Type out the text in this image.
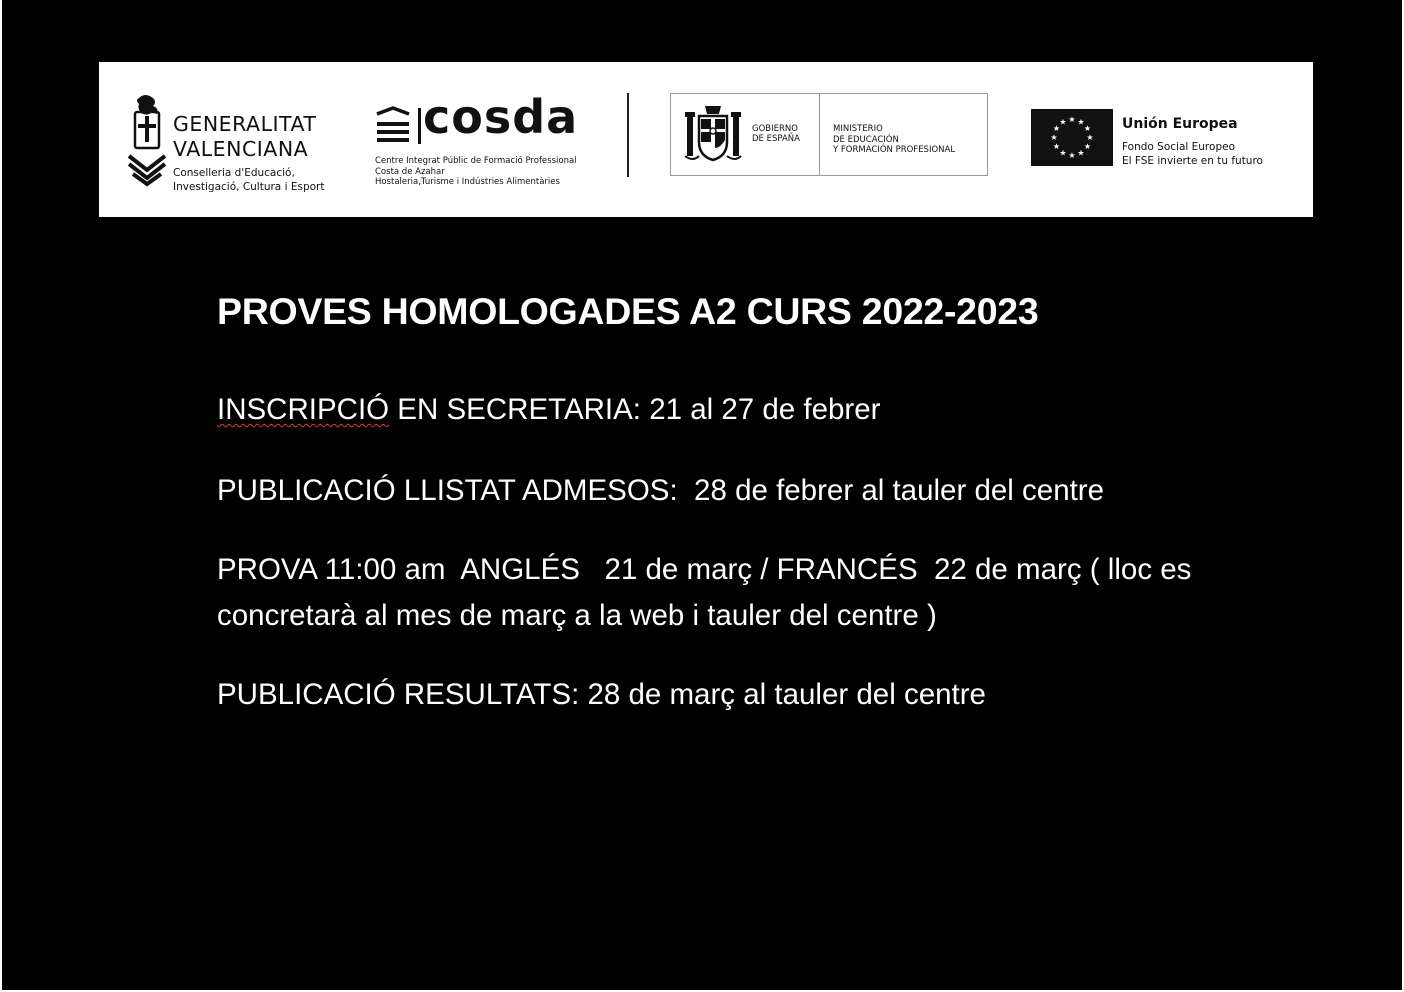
GENERALITAT
VALENCIANA
Conselleria d'Educació,
Investigació, Cultura i Esport
cosda
Centre Integrat Públic de Formació Professional
Costa de Azahar
Hostaleria,Turisme i Indústries Alimentàries
GOBIERNO
DE ESPAÑA
MINISTERIO
DE EDUCACIÓN
Y FORMACIÓN PROFESIONAL
★ ★
★
★
★
★
★
★
★
★
★
★	Unión Europea
Fondo Social Europeo
El FSE invierte en tu futuro
PROVES HOMOLOGADES A2 CURS 2022-2023
INSCRIPCIÓ EN SECRETARIA: 21 al 27 de febrer
PUBLICACIÓ LLISTAT ADMESOS:  28 de febrer al tauler del centre
PROVA 11:00 am  ANGLÉS   21 de març / FRANCÉS  22 de març ( lloc es
concretarà al mes de març a la web i tauler del centre )
PUBLICACIÓ RESULTATS: 28 de març al tauler del centre
